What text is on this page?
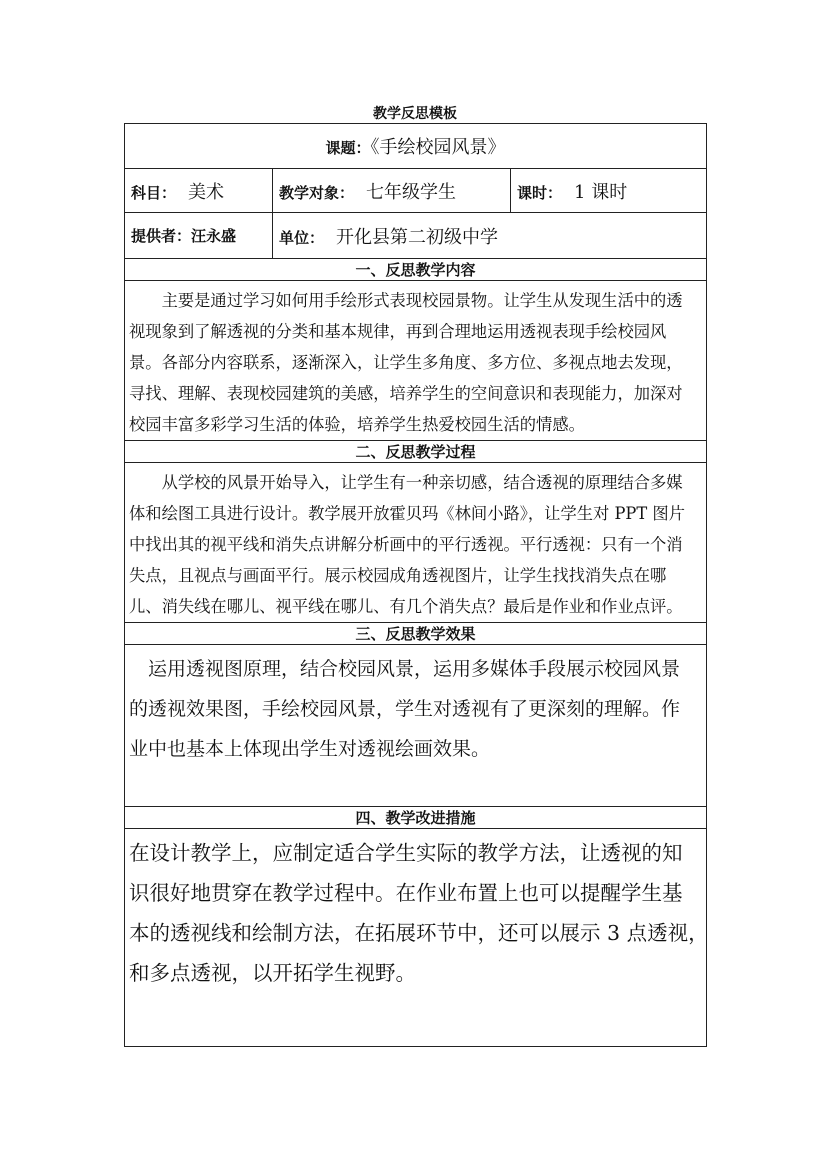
教学反思模板
课题：《手绘校园风景》		
科目： 美术	教学对象： 七年级学生	课时： 1 课时
提供者：汪永盛	单位： 开化县第二初级中学	
一、反思教学内容		

　　主要是通过学习如何用手绘形式表现校园景物。让学生从发现生活中的透
视现象到了解透视的分类和基本规律，再到合理地运用透视表现手绘校园风
景。各部分内容联系，逐渐深入，让学生多角度、多方位、多视点地去发现，
寻找、理解、表现校园建筑的美感，培养学生的空间意识和表现能力，加深对
校园丰富多彩学习生活的体验，培养学生热爱校园生活的情感。		

二、反思教学过程		

　　从学校的风景开始导入，让学生有一种亲切感，结合透视的原理结合多媒
体和绘图工具进行设计。教学展开放霍贝玛《林间小路》，让学生对 PPT 图片
中找出其的视平线和消失点讲解分析画中的平行透视。平行透视：只有一个消
失点，且视点与画面平行。展示校园成角透视图片，让学生找找消失点在哪
儿、消失线在哪儿、视平线在哪儿、有几个消失点？最后是作业和作业点评。		

三、反思教学效果		

　运用透视图原理，结合校园风景，运用多媒体手段展示校园风景
的透视效果图，手绘校园风景，学生对透视有了更深刻的理解。作
业中也基本上体现出学生对透视绘画效果。		

四、教学改进措施		

在设计教学上，应制定适合学生实际的教学方法，让透视的知
识很好地贯穿在教学过程中。在作业布置上也可以提醒学生基
本的透视线和绘制方法，在拓展环节中，还可以展示 3 点透视，
和多点透视，以开拓学生视野。		
